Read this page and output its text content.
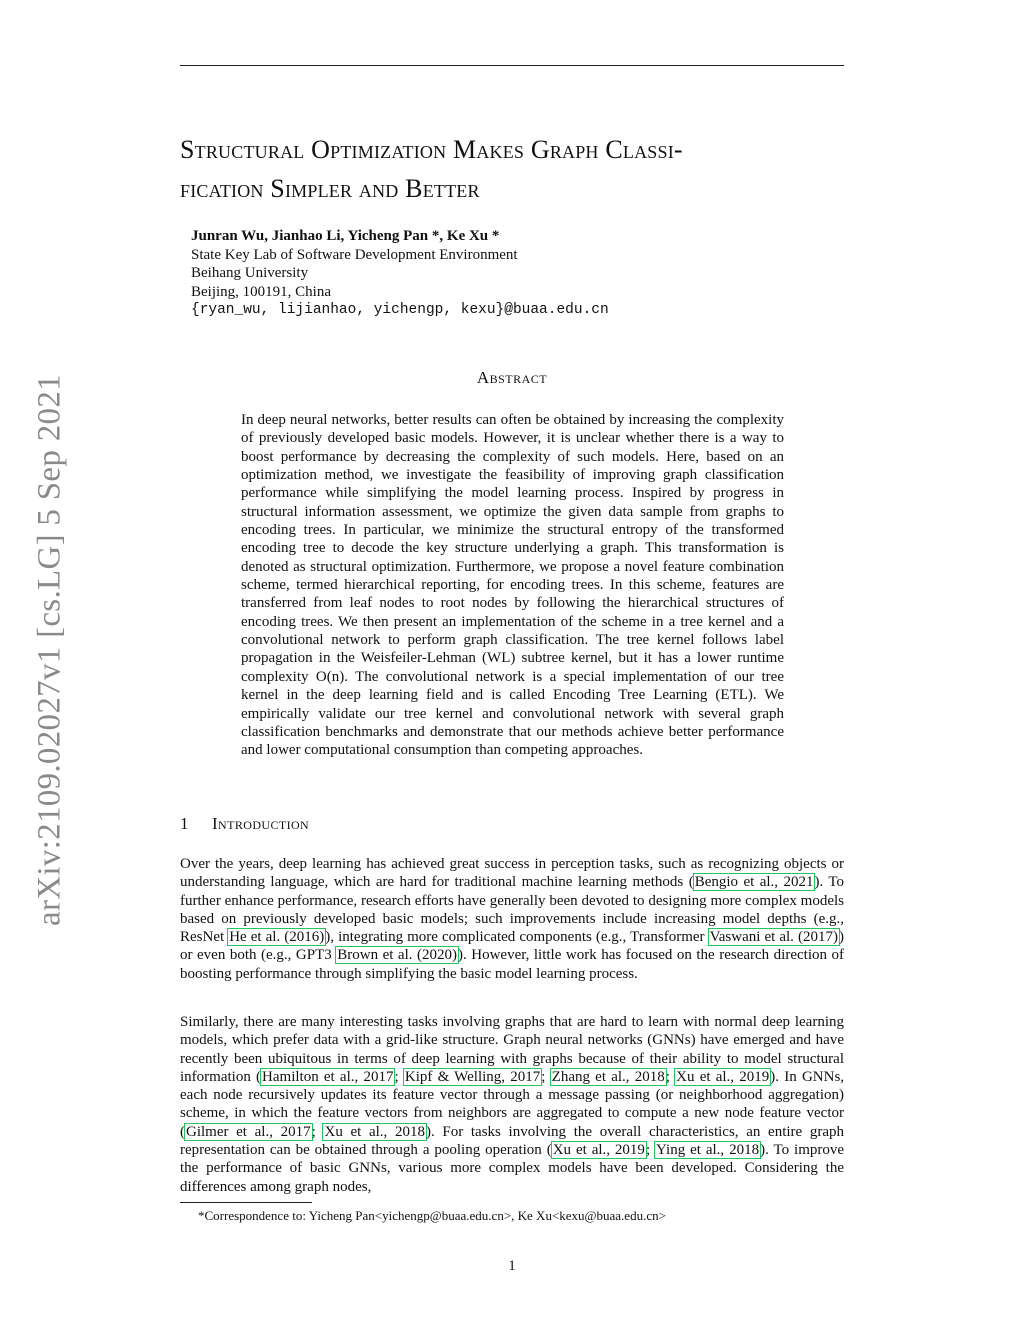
Structural Optimization Makes Graph Classi-
fication Simpler and Better
Junran Wu, Jianhao Li, Yicheng Pan *, Ke Xu *
State Key Lab of Software Development Environment
Beihang University
Beijing, 100191, China
{ryan_wu, lijianhao, yichengp, kexu}@buaa.edu.cn
arXiv:2109.02027v1 [cs.LG] 5 Sep 2021	Abstract
In deep neural networks, better results can often be obtained by increasing the complexity of previously developed basic models. However, it is unclear whether there is a way to boost performance by decreasing the complexity of such models. Here, based on an optimization method, we investigate the feasibility of improving graph classification performance while simplifying the model learning process. Inspired by progress in structural information assessment, we optimize the given data sample from graphs to encoding trees. In particular, we minimize the structural entropy of the transformed encoding tree to decode the key structure underlying a graph. This transformation is denoted as structural optimization. Furthermore, we propose a novel feature combination scheme, termed hierarchical reporting, for encoding trees. In this scheme, features are transferred from leaf nodes to root nodes by following the hierarchical structures of encoding trees. We then present an implementation of the scheme in a tree kernel and a convolutional network to perform graph classification. The tree kernel follows label propagation in the Weisfeiler-Lehman (WL) subtree kernel, but it has a lower runtime complexity O(n). The convolutional network is a special implementation of our tree kernel in the deep learning field and is called Encoding Tree Learning (ETL). We empirically validate our tree kernel and convolutional network with several graph classification benchmarks and demonstrate that our methods achieve better performance and lower computational consumption than competing approaches.
1 Introduction

Over the years, deep learning has achieved great success in perception tasks, such as recognizing objects or understanding language, which are hard for traditional machine learning methods (Bengio et al., 2021). To further enhance performance, research efforts have generally been devoted to designing more complex models based on previously developed basic models; such improvements include increasing model depths (e.g., ResNet He et al. (2016)), integrating more complicated components (e.g., Transformer Vaswani et al. (2017)) or even both (e.g., GPT3 Brown et al. (2020)). However, little work has focused on the research direction of boosting performance through simplifying the basic model learning process.

Similarly, there are many interesting tasks involving graphs that are hard to learn with normal deep learning models, which prefer data with a grid-like structure. Graph neural networks (GNNs) have emerged and have recently been ubiquitous in terms of deep learning with graphs because of their ability to model structural information (Hamilton et al., 2017; Kipf & Welling, 2017; Zhang et al., 2018; Xu et al., 2019). In GNNs, each node recursively updates its feature vector through a message passing (or neighborhood aggregation) scheme, in which the feature vectors from neighbors are aggregated to compute a new node feature vector (Gilmer et al., 2017; Xu et al., 2018). For tasks involving the overall characteristics, an entire graph representation can be obtained through a pooling operation (Xu et al., 2019; Ying et al., 2018). To improve the performance of basic GNNs, various more complex models have been developed. Considering the differences among graph nodes,

*Correspondence to: Yicheng Pan<yichengp@buaa.edu.cn>, Ke Xu<kexu@buaa.edu.cn>
1
